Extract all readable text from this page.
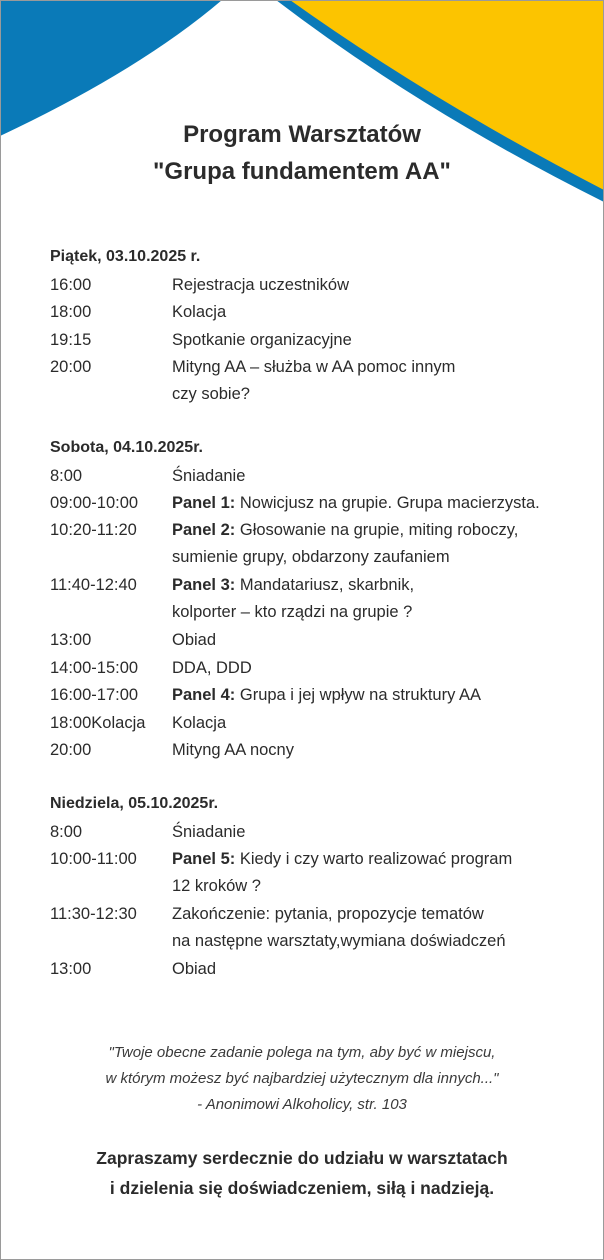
Program Warsztatów
"Grupa fundamentem AA"
Piątek, 03.10.2025 r.
16:00	Rejestracja uczestników
18:00	Kolacja
19:15	Spotkanie organizacyjne
20:00	Mityng AA – służba w AA pomoc innym
czy sobie?
Sobota, 04.10.2025r.
8:00	Śniadanie
09:00-10:00 Panel 1: Nowicjusz na grupie. Grupa macierzysta.
10:20-11:20 Panel 2: Głosowanie na grupie, miting roboczy,
sumienie grupy, obdarzony zaufaniem
11:40-12:40 Panel 3: Mandatariusz, skarbnik,
kolporter – kto rządzi na grupie ?
13:00	Obiad
14:00-15:00 DDA, DDD
16:00-17:00 Panel 4: Grupa i jej wpływ na struktury AA
18:00Kolacja Kolacja
20:00	Mityng AA nocny
Niedziela, 05.10.2025r.
8:00	Śniadanie
10:00-11:00 Panel 5: Kiedy i czy warto realizować program
12 kroków ?
11:30-12:30 Zakończenie: pytania, propozycje tematów
na następne warsztaty,wymiana doświadczeń
13:00	Obiad
"Twoje obecne zadanie polega na tym, aby być w miejscu,
w którym możesz być najbardziej użytecznym dla innych..."
- Anonimowi Alkoholicy, str. 103
Zapraszamy serdecznie do udziału w warsztatach
i dzielenia się doświadczeniem, siłą i nadzieją.
